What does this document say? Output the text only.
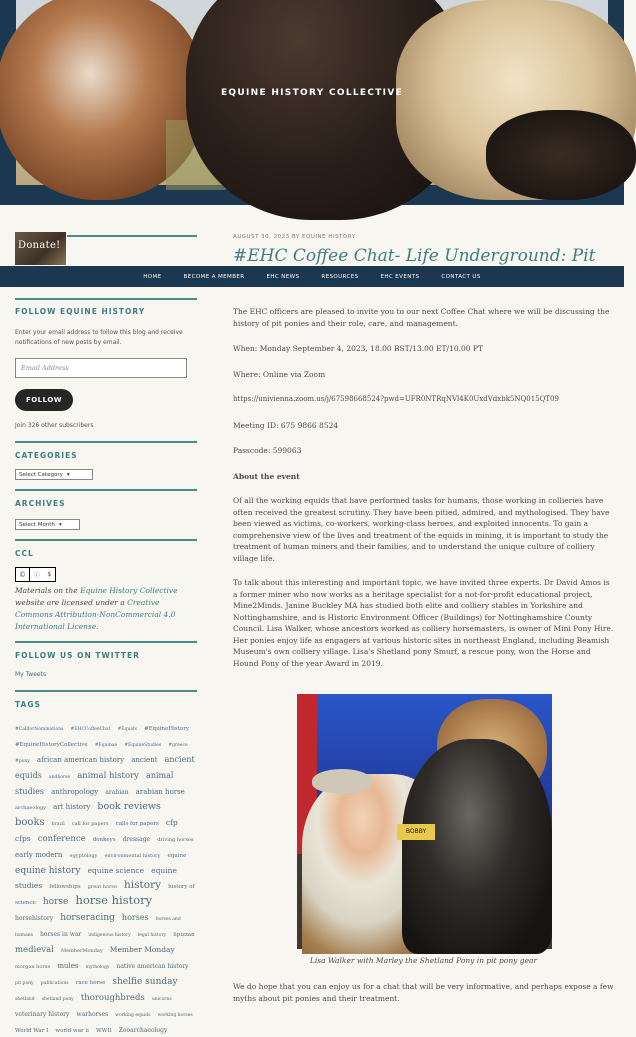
EQUINE HISTORY COLLECTIVE
HOME	BECOME A MEMBER	EHC NEWS	RESOURCES	EHC EVENTS	CONTACT US
Donate!
FOLLOW EQUINE HISTORY
Enter your email address to follow this blog and receive notifications of new posts by email.
Email Address
FOLLOW
Join 326 other subscribers
CATEGORIES
Select Category ▾
ARCHIVES
Select Month ▾
CCL
©	ⓘ $
Materials on the Equine History Collective website are licensed under a Creative Commons Attribution-NonCommercial 4.0 International License.
FOLLOW US ON TWITTER
My Tweets
TAGS
#CallforNominations #EHCCoffeeChat #Equids #EquineHistory #EquineHistoryCollective #Equinae #EquineStudies #greece #pony african american history ancient ancient equids andhorse animal history animal studies anthropology arabian arabian horse archaeology art history book reviews books brazil call for papers calls for papers cfp cfps conference donkeys dressage driving horses early modern egyptology environmental history equine equine history equine science equine studies fellowships great horse history history of science horse horse history horsehistory horseracing horses horses and humans horses in war indigenous history legal history lipizzan medieval MemberMonday Member Monday morgan horse mules mythology native american history pit pony publications race horse shelfie sunday shetland shetland pony thoroughbreds unicorns veterinary history warhorses working equids working horses World War I world war ii WWII Zooarchaeology
AUGUST 30, 2023 BY EQUINE HISTORY
#EHC Coffee Chat- Life Underground: Pit

The EHC officers are pleased to invite you to our next Coffee Chat where we will be discussing the history of pit ponies and their role, care, and management.

When: Monday September 4, 2023, 18.00 BST/13.00 ET/10.00 PT

Where: Online via Zoom

https://univienna.zoom.us/j/67598668524?pwd=UFR0NTRqNVl4K0UxdVdxbk5NQ015QT09

Meeting ID: 675 9866 8524

Passcode: 599063

About the event

Of all the working equids that have performed tasks for humans, those working in collieries have often received the greatest scrutiny. They have been pitied, admired, and mythologised. They have been viewed as victims, co-workers, working-class heroes, and exploited innocents. To gain a comprehensive view of the lives and treatment of the equids in mining, it is important to study the treatment of human miners and their families, and to understand the unique culture of colliery village life.

To talk about this interesting and important topic, we have invited three experts. Dr David Amos is a former miner who now works as a heritage specialist for a not-for-profit educational project, Mine2Minds. Janine Buckley MA has studied both elite and colliery stables in Yorkshire and Nottinghamshire, and is Historic Environment Officer (Buildings) for Nottinghamshire County Council. Lisa Walker, whose ancestors worked as colliery horsemasters, is owner of Mini Pony Hire. Her ponies enjoy life as engagers at various historic sites in northeast England, including Beamish Museum's own colliery village. Lisa's Shetland pony Smurf, a rescue pony, won the Horse and Hound Pony of the year Award in 2019.

BOBBY
Lisa Walker with Marley the Shetland Pony in pit pony gear

We do hope that you can enjoy us for a chat that will be very informative, and perhaps expose a few myths about pit ponies and their treatment.
